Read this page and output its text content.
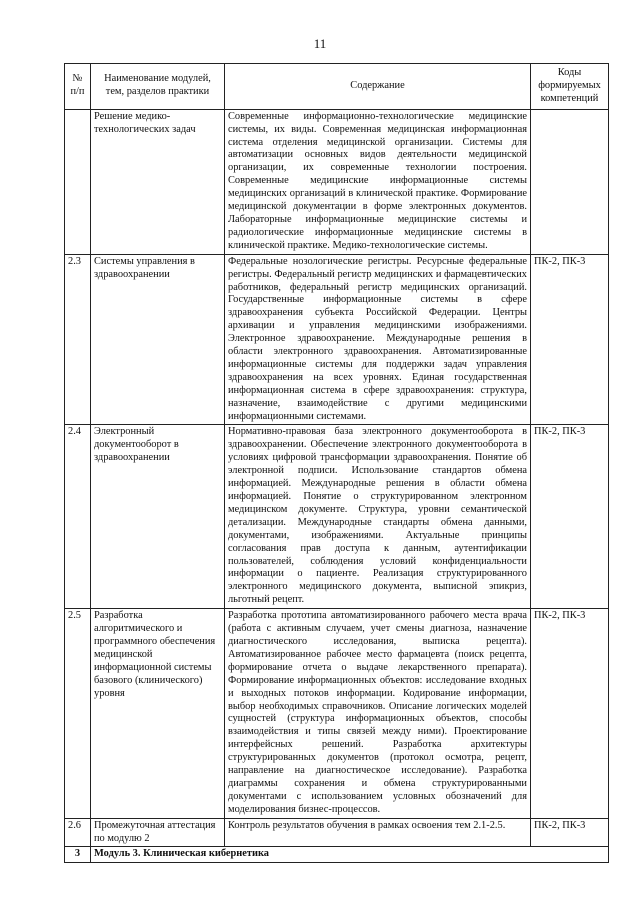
11
№ п/п	Наименование модулей, тем, разделов практики	Содержание	Коды формируемых компетенций
	Решение медико-технологических задач	Современные информационно-технологические медицинские системы, их виды. Современная медицинская информационная система отделения медицинской организации. Системы для автоматизации основных видов деятельности медицинской организации, их современные технологии построения. Современные медицинские информационные системы медицинских организаций в клинической практике. Формирование медицинской документации в форме электронных документов. Лабораторные информационные медицинские системы и радиологические информационные медицинские системы в клинической практике. Медико-технологические системы.	
2.3	Системы управления в здравоохранении	Федеральные нозологические регистры. Ресурсные федеральные регистры. Федеральный регистр медицинских и фармацевтических работников, федеральный регистр медицинских организаций. Государственные информационные системы в сфере здравоохранения субъекта Российской Федерации. Центры архивации и управления медицинскими изображениями. Электронное здравоохранение. Международные решения в области электронного здравоохранения. Автоматизированные информационные системы для поддержки задач управления здравоохранения на всех уровнях. Единая государственная информационная система в сфере здравоохранения: структура, назначение, взаимодействие с другими медицинскими информационными системами.	ПК-2, ПК-3
2.4	Электронный документооборот в здравоохранении	Нормативно-правовая база электронного документооборота в здравоохранении. Обеспечение электронного документооборота в условиях цифровой трансформации здравоохранения. Понятие об электронной подписи. Использование стандартов обмена информацией. Международные решения в области обмена информацией. Понятие о структурированном электронном медицинском документе. Структура, уровни семантической детализации. Международные стандарты обмена данными, документами, изображениями. Актуальные принципы согласования прав доступа к данным, аутентификации пользователей, соблюдения условий конфиденциальности информации о пациенте. Реализация структурированного электронного медицинского документа, выписной эпикриз, льготный рецепт.	ПК-2, ПК-3
2.5	Разработка алгоритмического и программного обеспечения медицинской информационной системы базового (клинического) уровня	Разработка прототипа автоматизированного рабочего места врача (работа с активным случаем, учет смены диагноза, назначение диагностического исследования, выписка рецепта). Автоматизированное рабочее место фармацевта (поиск рецепта, формирование отчета о выдаче лекарственного препарата). Формирование информационных объектов: исследование входных и выходных потоков информации. Кодирование информации, выбор необходимых справочников. Описание логических моделей сущностей (структура информационных объектов, способы взаимодействия и типы связей между ними). Проектирование интерфейсных решений. Разработка архитектуры структурированных документов (протокол осмотра, рецепт, направление на диагностическое исследование). Разработка диаграммы сохранения и обмена структурированными документами с использованием условных обозначений для моделирования бизнес-процессов.	ПК-2, ПК-3
2.6	Промежуточная аттестация по модулю 2	Контроль результатов обучения в рамках освоения тем 2.1-2.5.	ПК-2, ПК-3
3	Модуль 3. Клиническая кибернетика		
